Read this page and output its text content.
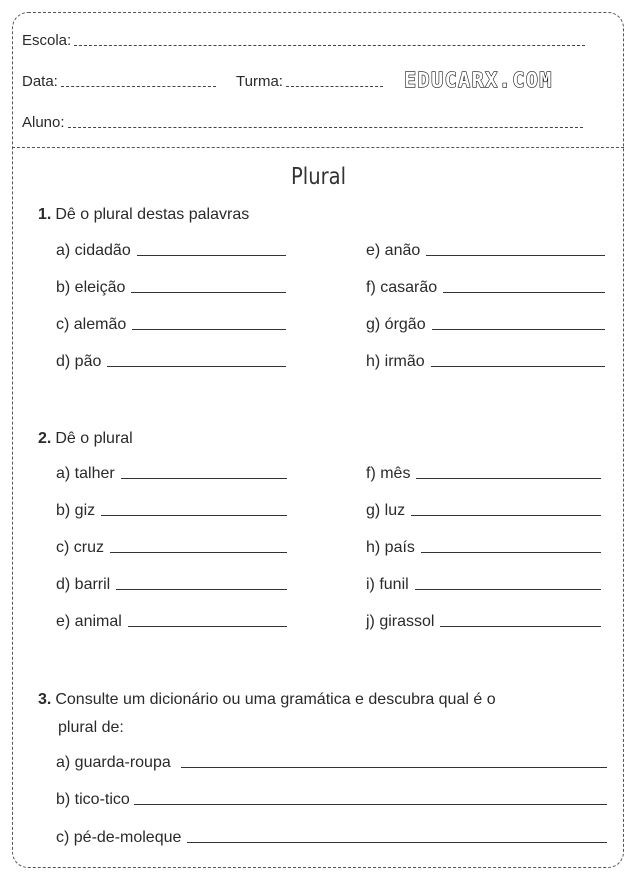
Escola:
Data:	Turma:	EDUCARX.COM
Aluno:
Plural
1. Dê o plural destas palavras
a) cidadão
b) eleição
c) alemão
d) pão
e) anão
f) casarão
g) órgão
h) irmão
2. Dê o plural
a) talher
b) giz
c) cruz
d) barril
e) animal
f) mês
g) luz
h) país
i) funil
j) girassol
3. Consulte um dicionário ou uma gramática e descubra qual é o
plural de:
a) guarda-roupa
b) tico-tico
c) pé-de-moleque
